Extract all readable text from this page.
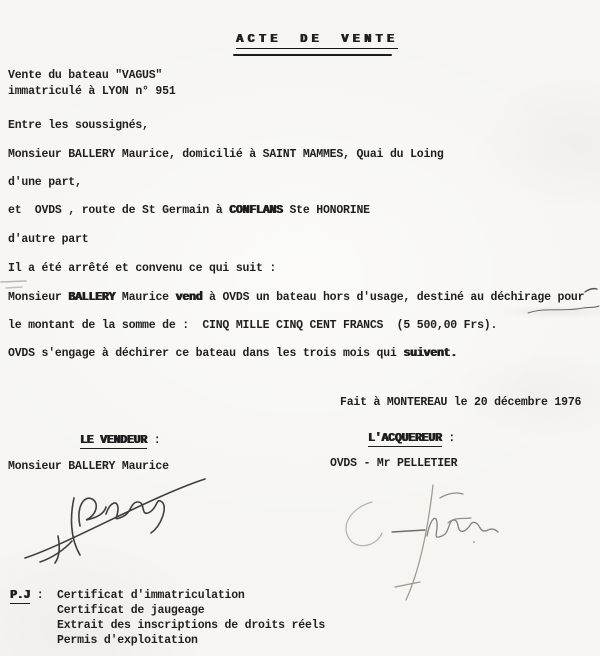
ACTE DE VENTE
Vente du bateau "VAGUS"
immatriculé à LYON n° 951
Entre les soussignés,
Monsieur BALLERY Maurice, domicilié à SAINT MAMMES, Quai du Loing
d'une part,
et  OVDS , route de St Germain à CONFLANS Ste HONORINE
d'autre part
Il a été arrêté et convenu ce qui suit :
Monsieur BALLERY Maurice vend à OVDS un bateau hors d'usage, destiné au déchirage pour
le montant de la somme de :  CINQ MILLE CINQ CENT FRANCS  (5 500,00 Frs).
OVDS s'engage à déchirer ce bateau dans les trois mois qui suivent.
Fait à MONTEREAU le 20 décembre 1976
LE VENDEUR :	L'ACQUEREUR :
Monsieur BALLERY Maurice	OVDS - Mr PELLETIER
P.J : Certificat d'immatriculation
Certificat de jaugeage
Extrait des inscriptions de droits réels
Permis d'exploitation
